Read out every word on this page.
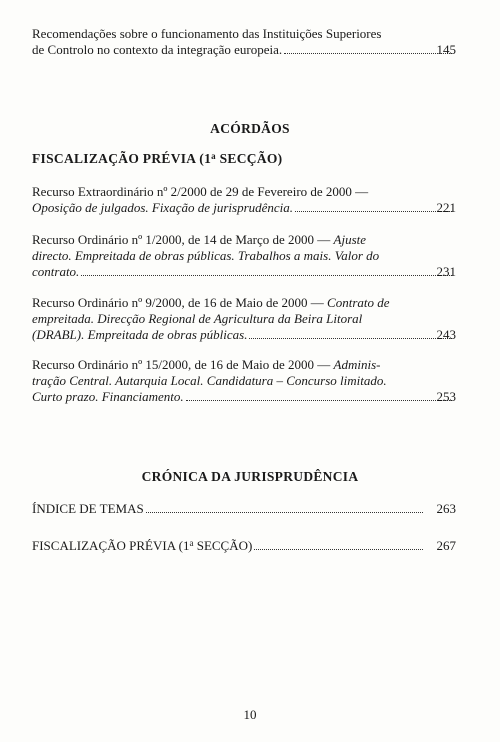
Recomendações sobre o funcionamento das Instituições Superiores
de Controlo no contexto da integração europeia.	145
ACÓRDÃOS
FISCALIZAÇÃO PRÉVIA (1$^a$ SECÇÃO)
Recurso Extraordinário nº 2/2000 de 29 de Fevereiro de 2000 —
Oposição de julgados. Fixação de jurisprudência.	221
Recurso Ordinário nº 1/2000, de 14 de Março de 2000 — Ajuste
directo. Empreitada de obras públicas. Trabalhos a mais. Valor do
contrato.	231
Recurso Ordinário nº 9/2000, de 16 de Maio de 2000 — Contrato de
empreitada. Direcção Regional de Agricultura da Beira Litoral
(DRABL). Empreitada de obras públicas.	243
Recurso Ordinário nº 15/2000, de 16 de Maio de 2000 — Adminis-
tração Central. Autarquia Local. Candidatura – Concurso limitado.
Curto prazo. Financiamento.	253
CRÓNICA DA JURISPRUDÊNCIA
ÍNDICE DE TEMAS	263
FISCALIZAÇÃO PRÉVIA (1$^a$ SECÇÃO)	267
10
